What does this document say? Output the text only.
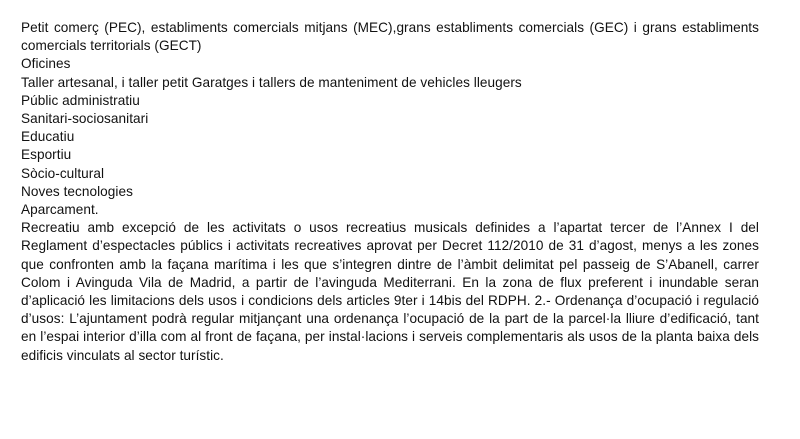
Petit comerç (PEC), establiments comercials mitjans (MEC),grans establiments comercials (GEC) i grans establiments comercials territorials (GECT)
Oficines
Taller artesanal, i taller petit Garatges i tallers de manteniment de vehicles lleugers
Públic administratiu
Sanitari-sociosanitari
Educatiu
Esportiu
Sòcio-cultural
Noves tecnologies
Aparcament.
Recreatiu amb excepció de les activitats o usos recreatius musicals definides a l’apartat tercer de l’Annex I del Reglament d’espectacles públics i activitats recreatives aprovat per Decret 112/2010 de 31 d’agost, menys a les zones que confronten amb la façana marítima i les que s’integren dintre de l’àmbit delimitat pel passeig de S’Abanell, carrer Colom i Avinguda Vila de Madrid, a partir de l’avinguda Mediterrani. En la zona de flux preferent i inundable seran d’aplicació les limitacions dels usos i condicions dels articles 9ter i 14bis del RDPH. 2.- Ordenança d’ocupació i regulació d’usos: L’ajuntament podrà regular mitjançant una ordenança l’ocupació de la part de la parcel·la lliure d’edificació, tant en l’espai interior d’illa com al front de façana, per instal·lacions i serveis complementaris als usos de la planta baixa dels edificis vinculats al sector turístic.
